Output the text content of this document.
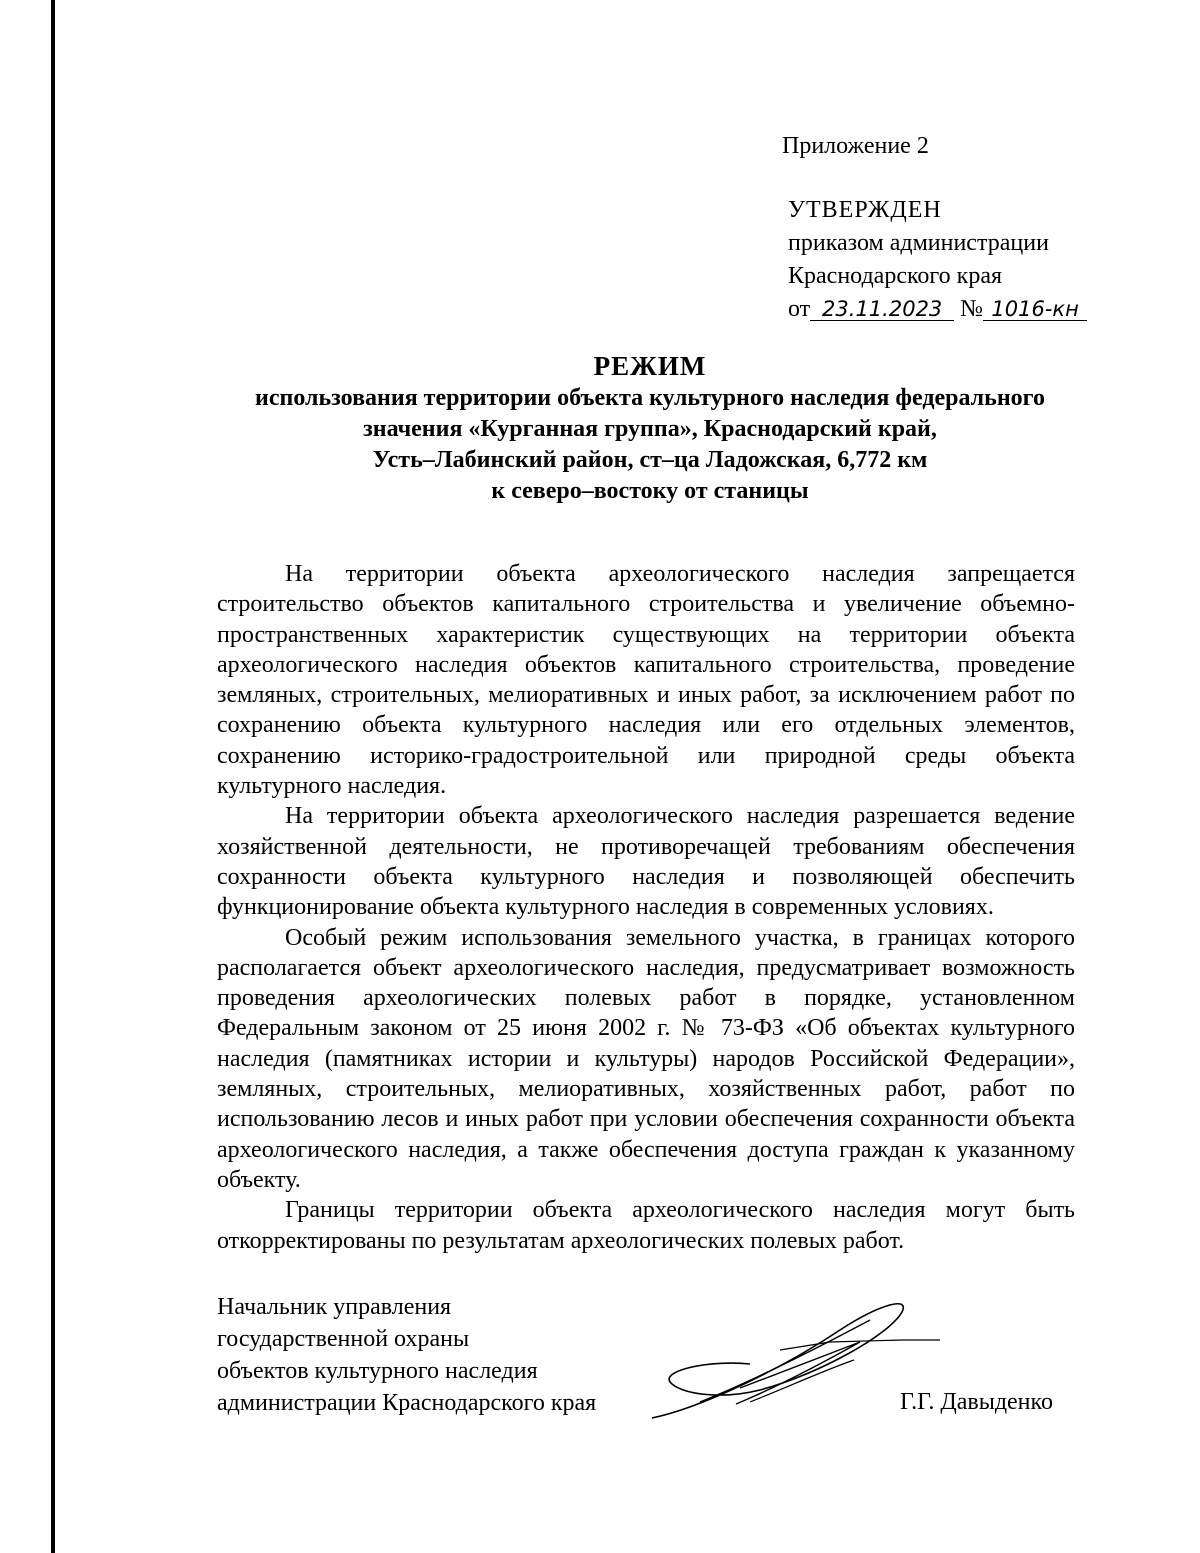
Приложение 2
УТВЕРЖДЕН
приказом администрации
Краснодарского края
от 23.11.2023 № 1016-кн
РЕЖИМ
использования территории объекта культурного наследия федерального
значения «Курганная группа», Краснодарский край,
Усть–Лабинский район, ст–ца Ладожская, 6,772 км
к северо–востоку от станицы

На территории объекта археологического наследия запрещается строительство объектов капитального строительства и увеличение объемно-пространственных характеристик существующих на территории объекта археологического наследия объектов капитального строительства, проведение земляных, строительных, мелиоративных и иных работ, за исключением работ по сохранению объекта культурного наследия или его отдельных элементов, сохранению историко-градостроительной или природной среды объекта культурного наследия.

На территории объекта археологического наследия разрешается ведение хозяйственной деятельности, не противоречащей требованиям обеспечения сохранности объекта культурного наследия и позволяющей обеспечить функционирование объекта культурного наследия в современных условиях.

Особый режим использования земельного участка, в границах которого располагается объект археологического наследия, предусматривает возможность проведения археологических полевых работ в порядке, установленном Федеральным законом от 25 июня 2002 г. № 73-ФЗ «Об объектах культурного наследия (памятниках истории и культуры) народов Российской Федерации», земляных, строительных, мелиоративных, хозяйственных работ, работ по использованию лесов и иных работ при условии обеспечения сохранности объекта археологического наследия, а также обеспечения доступа граждан к указанному объекту.

Границы территории объекта археологического наследия могут быть откорректированы по результатам археологических полевых работ.

Начальник управления
государственной охраны
объектов культурного наследия
администрации Краснодарского края	Г.Г. Давыденко
